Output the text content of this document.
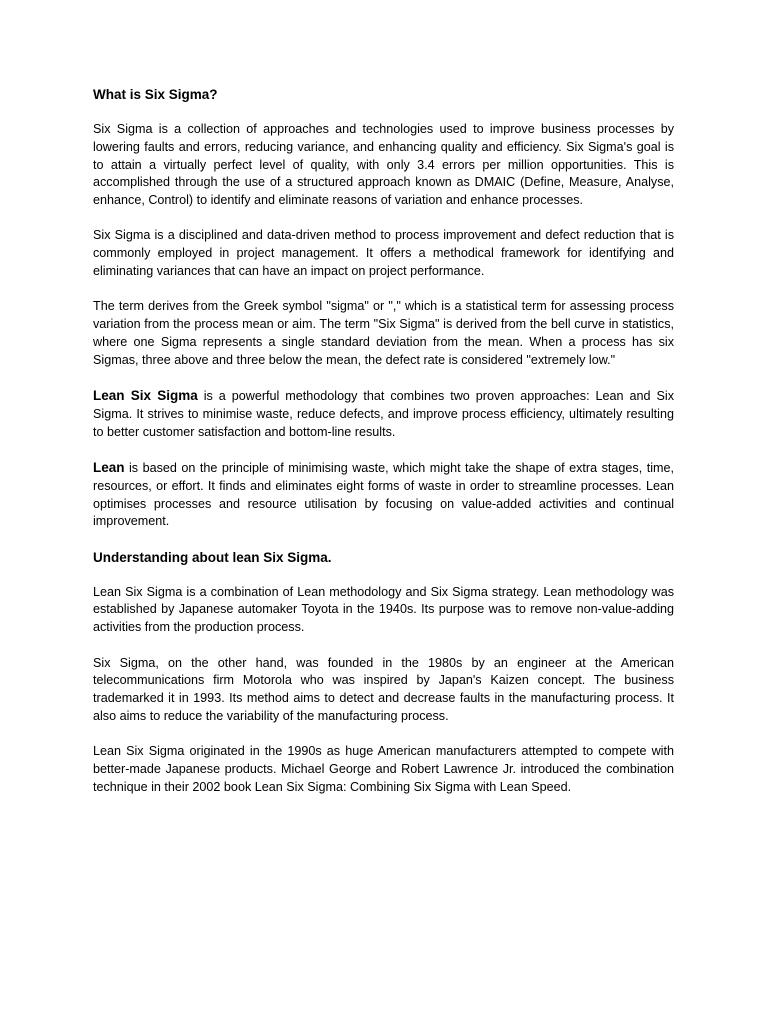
What is Six Sigma?

Six Sigma is a collection of approaches and technologies used to improve business processes by lowering faults and errors, reducing variance, and enhancing quality and efficiency. Six Sigma's goal is to attain a virtually perfect level of quality, with only 3.4 errors per million opportunities. This is accomplished through the use of a structured approach known as DMAIC (Define, Measure, Analyse, enhance, Control) to identify and eliminate reasons of variation and enhance processes.

Six Sigma is a disciplined and data-driven method to process improvement and defect reduction that is commonly employed in project management. It offers a methodical framework for identifying and eliminating variances that can have an impact on project performance.

The term derives from the Greek symbol "sigma" or "," which is a statistical term for assessing process variation from the process mean or aim. The term "Six Sigma" is derived from the bell curve in statistics, where one Sigma represents a single standard deviation from the mean. When a process has six Sigmas, three above and three below the mean, the defect rate is considered "extremely low."

Lean Six Sigma is a powerful methodology that combines two proven approaches: Lean and Six Sigma. It strives to minimise waste, reduce defects, and improve process efficiency, ultimately resulting to better customer satisfaction and bottom-line results.

Lean is based on the principle of minimising waste, which might take the shape of extra stages, time, resources, or effort. It finds and eliminates eight forms of waste in order to streamline processes. Lean optimises processes and resource utilisation by focusing on value-added activities and continual improvement.

Understanding about lean Six Sigma.

Lean Six Sigma is a combination of Lean methodology and Six Sigma strategy. Lean methodology was established by Japanese automaker Toyota in the 1940s. Its purpose was to remove non-value-adding activities from the production process.

Six Sigma, on the other hand, was founded in the 1980s by an engineer at the American telecommunications firm Motorola who was inspired by Japan's Kaizen concept. The business trademarked it in 1993. Its method aims to detect and decrease faults in the manufacturing process. It also aims to reduce the variability of the manufacturing process.

Lean Six Sigma originated in the 1990s as huge American manufacturers attempted to compete with better-made Japanese products. Michael George and Robert Lawrence Jr. introduced the combination technique in their 2002 book Lean Six Sigma: Combining Six Sigma with Lean Speed.
